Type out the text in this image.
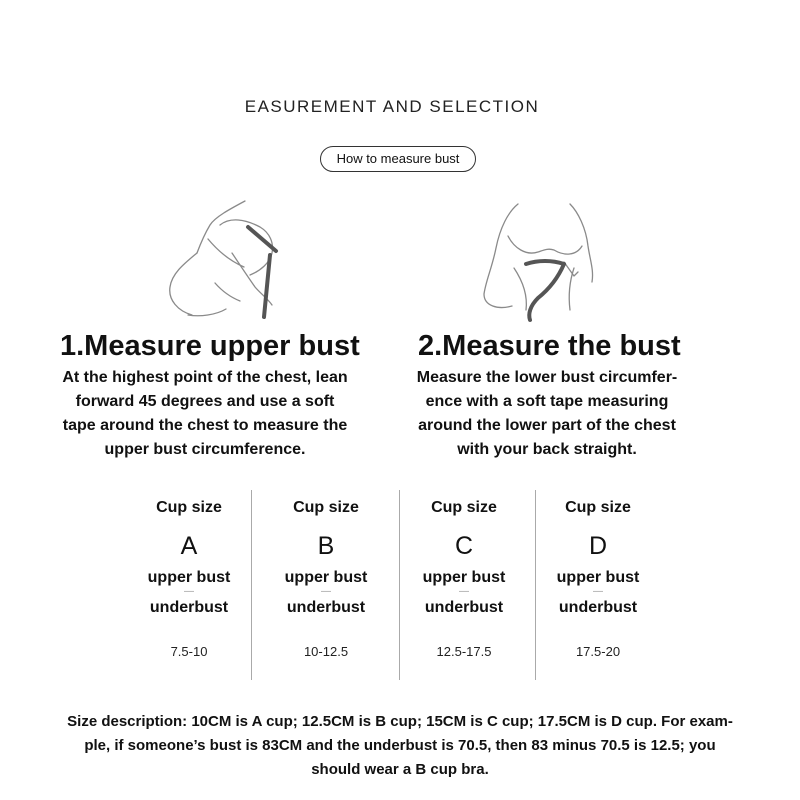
EASUREMENT AND SELECTION
How to measure bust
1.Measure upper bust
At the highest point of the chest, lean
forward 45 degrees and use a soft
tape around the chest to measure the
upper bust circumference.
2.Measure the bust
Measure the lower bust circumfer-
ence with a soft tape measuring
around the lower part of the chest
with your back straight.
Cup size
A
upper bust
—
underbust
7.5-10
Cup size
B
upper bust
—
underbust
10-12.5
Cup size
C
upper bust
—
underbust
12.5-17.5
Cup size
D
upper bust
—
underbust
17.5-20
Size description: 10CM is A cup; 12.5CM is B cup; 15CM is C cup; 17.5CM is D cup. For exam-
ple, if someone’s bust is 83CM and the underbust is 70.5, then 83 minus 70.5 is 12.5; you
should wear a B cup bra.
